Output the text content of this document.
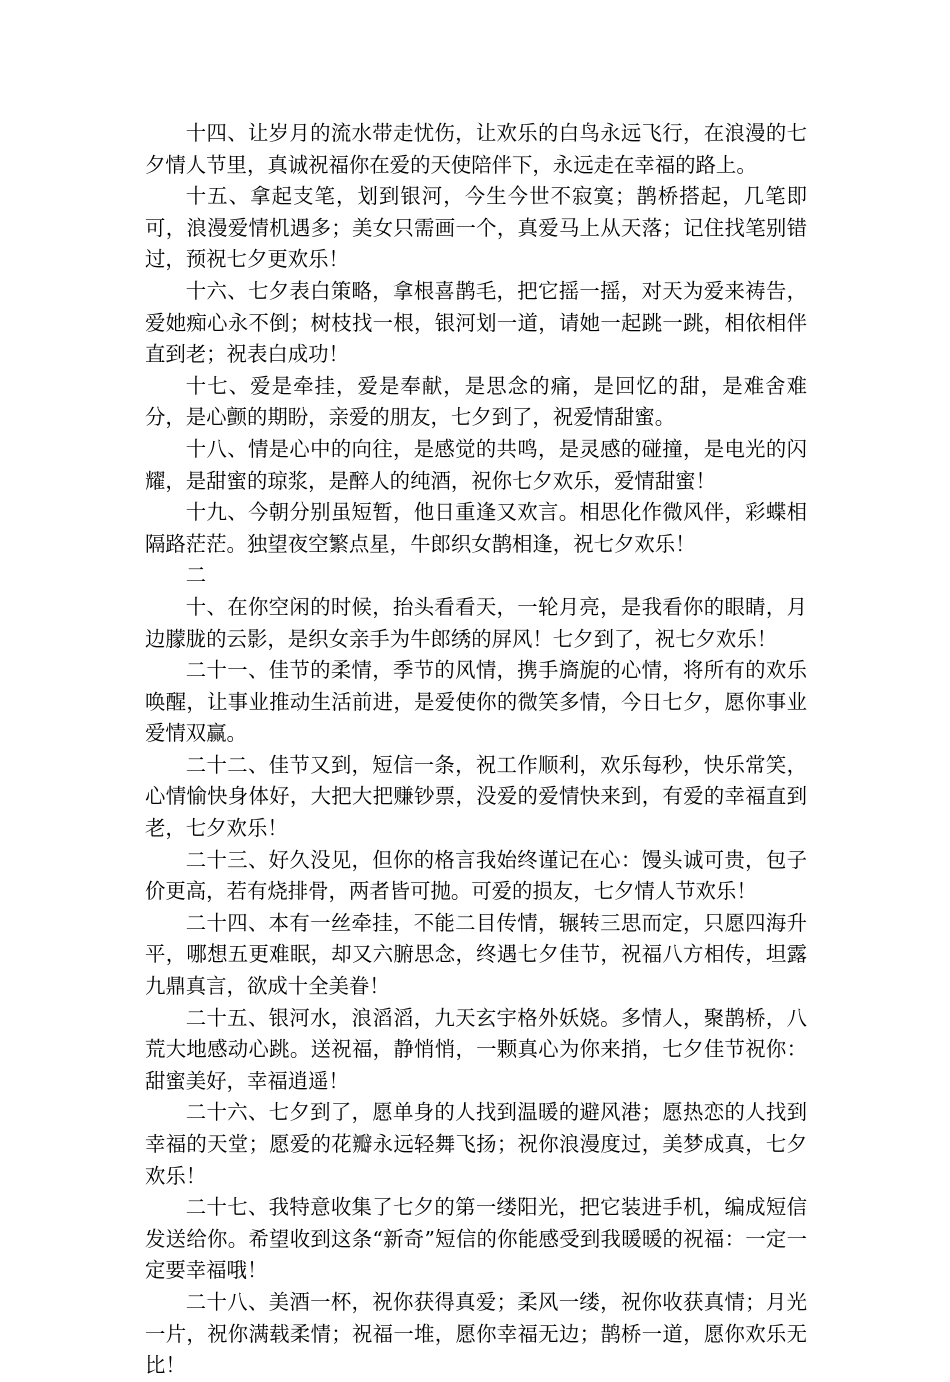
十四、让岁月的流水带走忧伤，让欢乐的白鸟永远飞行，在浪漫的七夕情人节里，真诚祝福你在爱的天使陪伴下，永远走在幸福的路上。

十五、拿起支笔，划到银河，今生今世不寂寞；鹊桥搭起，几笔即可，浪漫爱情机遇多；美女只需画一个，真爱马上从天落；记住找笔别错过，预祝七夕更欢乐！

十六、七夕表白策略，拿根喜鹊毛，把它摇一摇，对天为爱来祷告，爱她痴心永不倒；树枝找一根，银河划一道，请她一起跳一跳，相依相伴直到老；祝表白成功！

十七、爱是牵挂，爱是奉献，是思念的痛，是回忆的甜，是难舍难分，是心颤的期盼，亲爱的朋友，七夕到了，祝爱情甜蜜。

十八、情是心中的向往，是感觉的共鸣，是灵感的碰撞，是电光的闪耀，是甜蜜的琼浆，是醉人的纯酒，祝你七夕欢乐，爱情甜蜜！

十九、今朝分别虽短暂，他日重逢又欢言。相思化作微风伴，彩蝶相隔路茫茫。独望夜空繁点星，牛郎织女鹊相逢，祝七夕欢乐！

二

十、在你空闲的时候，抬头看看天，一轮月亮，是我看你的眼睛，月边朦胧的云影，是织女亲手为牛郎绣的屏风！七夕到了，祝七夕欢乐！

二十一、佳节的柔情，季节的风情，携手旖旎的心情，将所有的欢乐唤醒，让事业推动生活前进，是爱使你的微笑多情，今日七夕，愿你事业爱情双赢。

二十二、佳节又到，短信一条，祝工作顺利，欢乐每秒，快乐常笑，心情愉快身体好，大把大把赚钞票，没爱的爱情快来到，有爱的幸福直到老，七夕欢乐！

二十三、好久没见，但你的格言我始终谨记在心：馒头诚可贵，包子价更高，若有烧排骨，两者皆可抛。可爱的损友，七夕情人节欢乐！

二十四、本有一丝牵挂，不能二目传情，辗转三思而定，只愿四海升平，哪想五更难眠，却又六腑思念，终遇七夕佳节，祝福八方相传，坦露九鼎真言，欲成十全美眷！

二十五、银河水，浪滔滔，九天玄宇格外妖娆。多情人，聚鹊桥，八荒大地感动心跳。送祝福，静悄悄，一颗真心为你来捎，七夕佳节祝你：甜蜜美好，幸福逍遥！

二十六、七夕到了，愿单身的人找到温暖的避风港；愿热恋的人找到幸福的天堂；愿爱的花瓣永远轻舞飞扬；祝你浪漫度过，美梦成真，七夕欢乐！

二十七、我特意收集了七夕的第一缕阳光，把它装进手机，编成短信发送给你。希望收到这条“新奇”短信的你能感受到我暖暖的祝福：一定一定要幸福哦！

二十八、美酒一杯，祝你获得真爱；柔风一缕，祝你收获真情；月光一片，祝你满载柔情；祝福一堆，愿你幸福无边；鹊桥一道，愿你欢乐无比！
